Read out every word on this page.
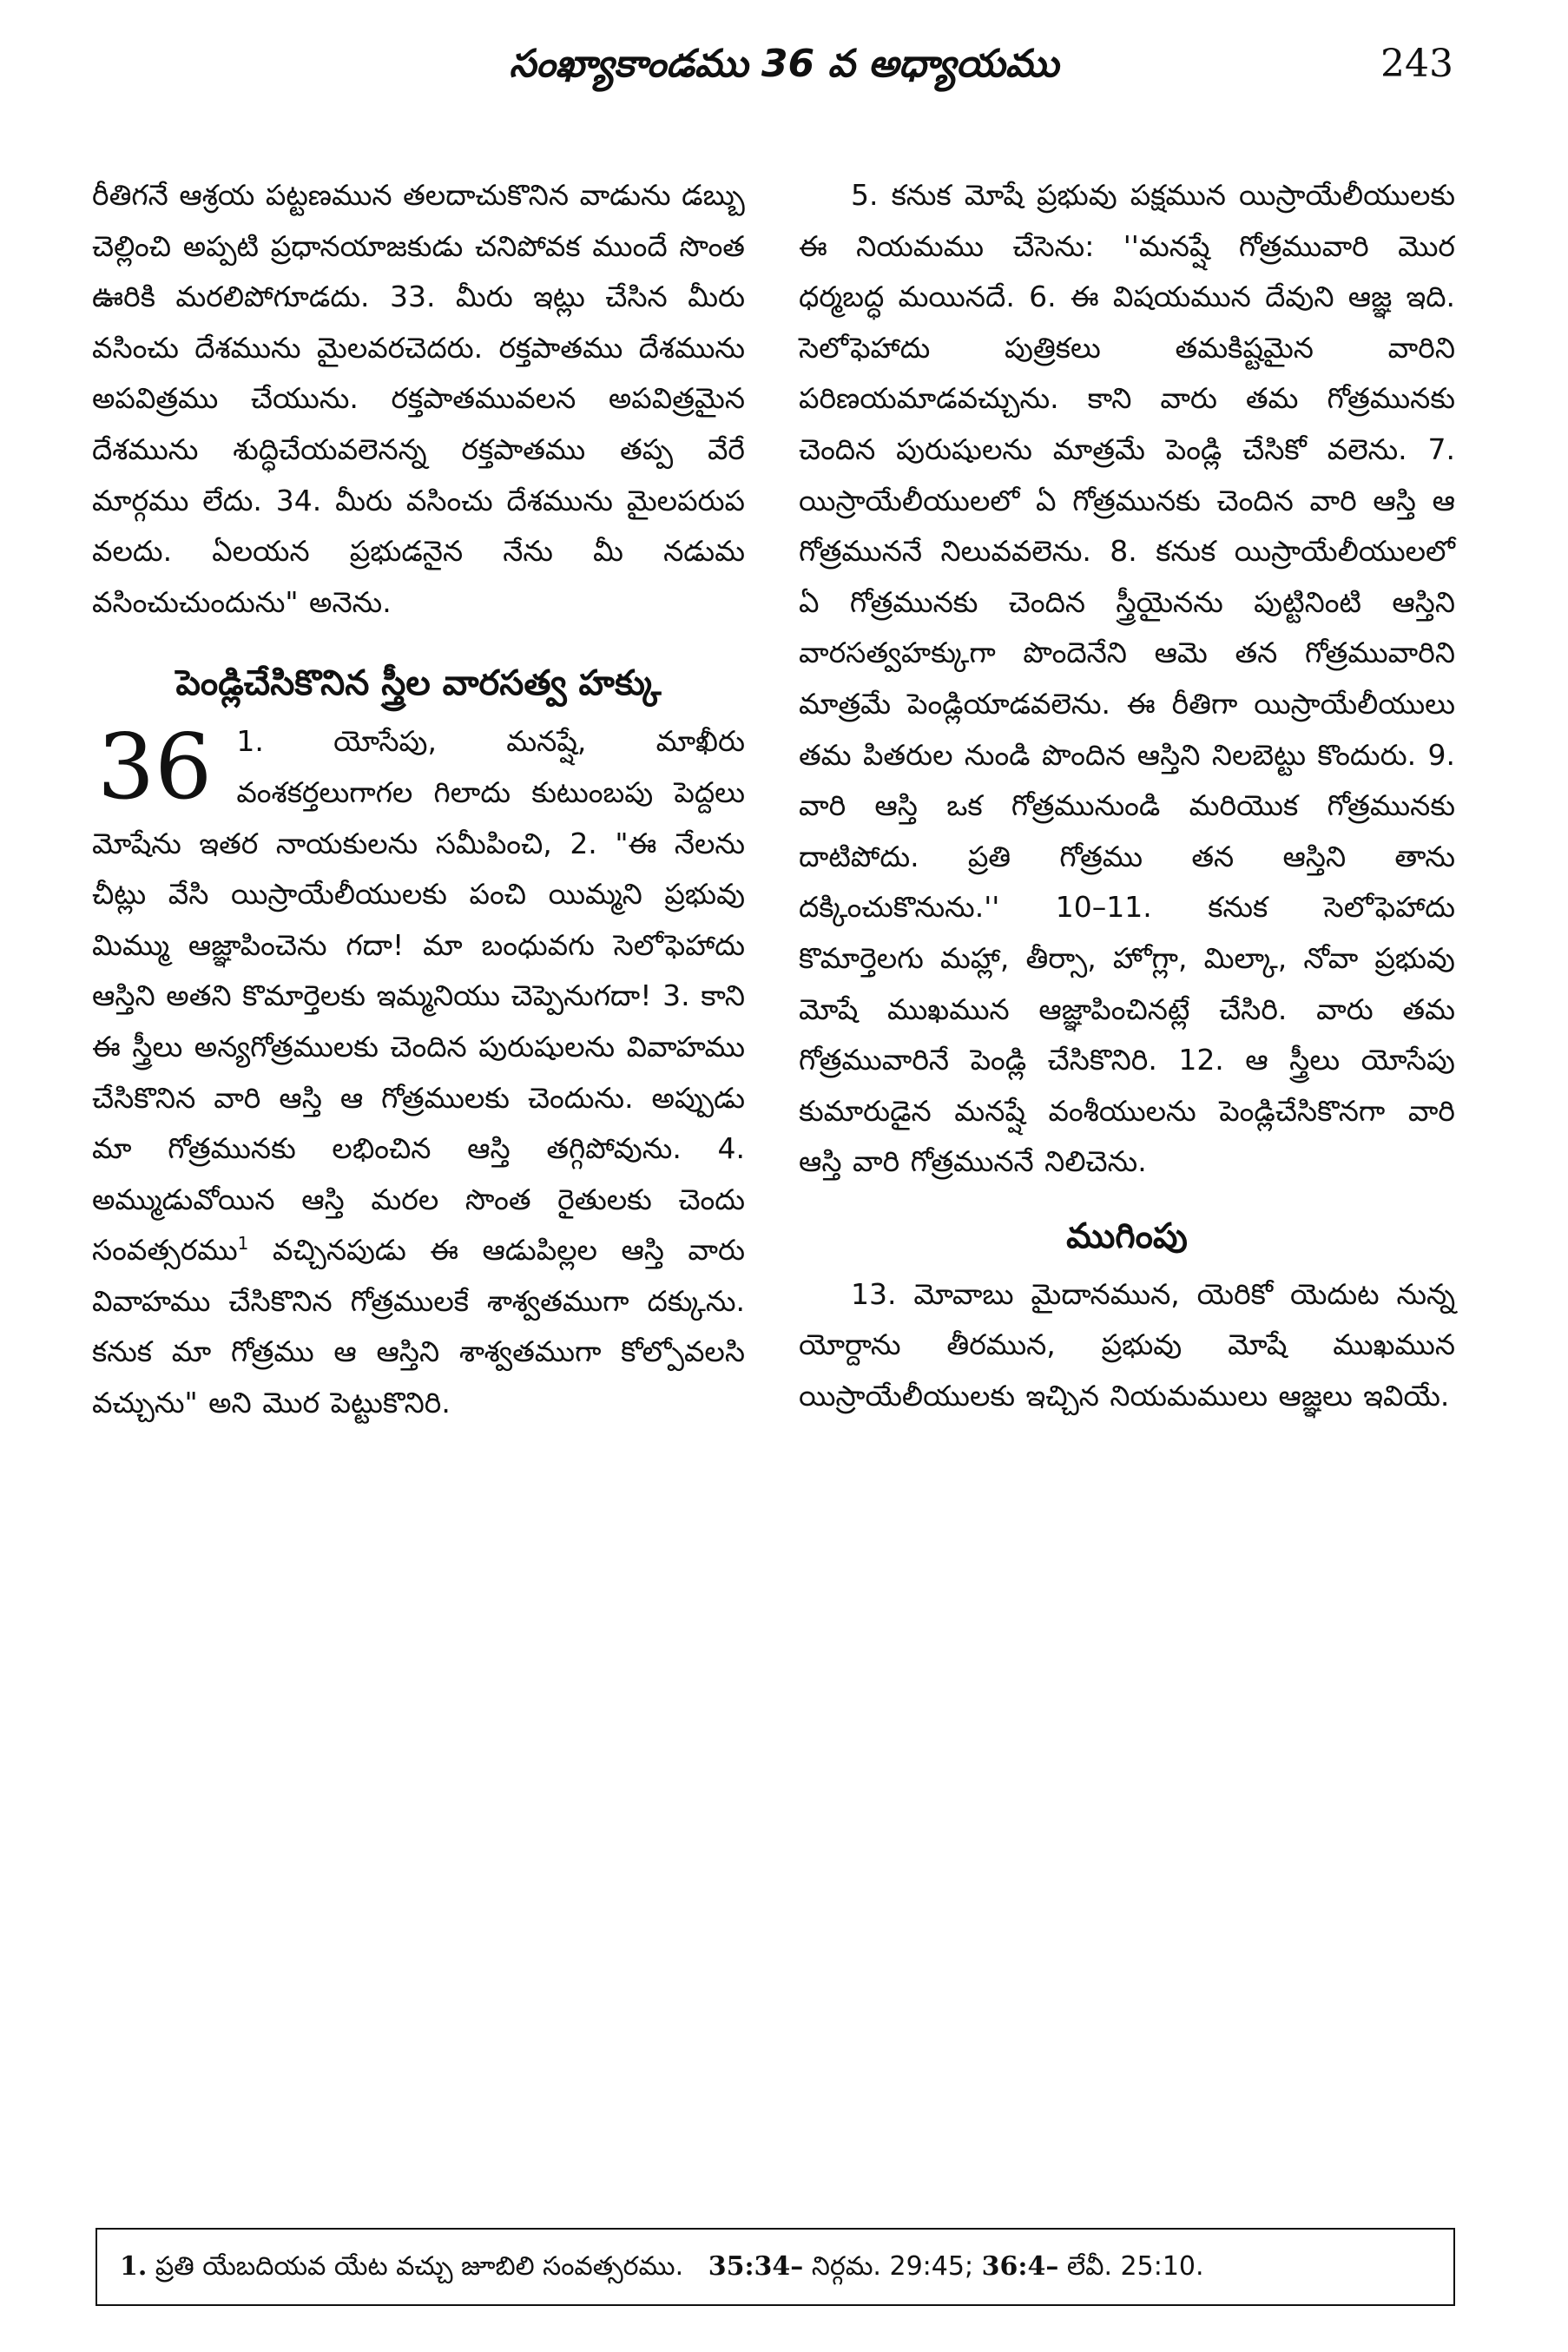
సంఖ్యాకాండము 36 వ అధ్యాయము	243

రీతిగనే ఆశ్రయ పట్టణమున తలదాచుకొనిన వాడును డబ్బు చెల్లించి అప్పటి ప్రధానయాజకుడు చనిపోవక ముందే సొంత ఊరికి మరలిపోగూడదు. 33. మీరు ఇట్లు చేసిన మీరు వసించు దేశమును మైలవరచెదరు. రక్తపాతము దేశమును అపవిత్రము చేయును. రక్తపాతమువలన అపవిత్రమైన దేశమును శుద్ధిచేయవలెనన్న రక్తపాతము తప్ప వేరే మార్గము లేదు. 34. మీరు వసించు దేశమును మైలపరుప వలదు. ఏలయన ప్రభుడనైన నేను మీ నడుమ వసించుచుందును" అనెను.

పెండ్లిచేసికొనిన స్త్రీల వారసత్వ హక్కు
36 1. యోసేపు, మనష్షే, మాఖీరు వంశకర్తలుగాగల గిలాదు కుటుంబపు పెద్దలు మోషేను ఇతర నాయకులను సమీపించి, 2. "ఈ నేలను చీట్లు వేసి యిస్రాయేలీయులకు పంచి యిమ్మని ప్రభువు మిమ్ము ఆజ్ఞాపించెను గదా! మా బంధువగు సెలోఫెహాదు ఆస్తిని అతని కొమార్తెలకు ఇమ్మనియు చెప్పెనుగదా! 3. కాని ఈ స్త్రీలు అన్యగోత్రములకు చెందిన పురుషులను వివాహము చేసికొనిన వారి ఆస్తి ఆ గోత్రములకు చెందును. అప్పుడు మా గోత్రమునకు లభించిన ఆస్తి తగ్గిపోవును. 4. అమ్ముడువోయిన ఆస్తి మరల సొంత రైతులకు చెందు సంవత్సరము$^1$ వచ్చినపుడు ఈ ఆడుపిల్లల ఆస్తి వారు వివాహము చేసికొనిన గోత్రములకే శాశ్వతముగా దక్కును. కనుక మా గోత్రము ఆ ఆస్తిని శాశ్వతముగా కోల్పోవలసి వచ్చును" అని మొర పెట్టుకొనిరి.

5. కనుక మోషే ప్రభువు పక్షమున యిస్రాయేలీయులకు ఈ నియమము చేసెను: ''మనష్షే గోత్రమువారి మొర ధర్మబద్ధ మయినదే. 6. ఈ విషయమున దేవుని ఆజ్ఞ ఇది. సెలోఫెహాదు పుత్రికలు తమకిష్టమైన వారిని పరిణయమాడవచ్చును. కాని వారు తమ గోత్రమునకు చెందిన పురుషులను మాత్రమే పెండ్లి చేసికో వలెను. 7. యిస్రాయేలీయులలో ఏ గోత్రమునకు చెందిన వారి ఆస్తి ఆ గోత్రముననే నిలువవలెను. 8. కనుక యిస్రాయేలీయులలో ఏ గోత్రమునకు చెందిన స్త్రీయైనను పుట్టినింటి ఆస్తిని వారసత్వహక్కుగా పొందెనేని ఆమె తన గోత్రమువారిని మాత్రమే పెండ్లియాడవలెను. ఈ రీతిగా యిస్రాయేలీయులు తమ పితరుల నుండి పొందిన ఆస్తిని నిలబెట్టు కొందురు. 9. వారి ఆస్తి ఒక గోత్రమునుండి మరియొక గోత్రమునకు దాటిపోదు. ప్రతి గోత్రము తన ఆస్తిని తాను దక్కించుకొనును.'' 10–11. కనుక సెలోఫెహాదు కొమార్తెలగు మహ్లా, తీర్సా, హోగ్లా, మిల్కా, నోవా ప్రభువు మోషే ముఖమున ఆజ్ఞాపించినట్లే చేసిరి. వారు తమ గోత్రమువారినే పెండ్లి చేసికొనిరి. 12. ఆ స్త్రీలు యోసేపు కుమారుడైన మనష్షే వంశీయులను పెండ్లిచేసికొనగా వారి ఆస్తి వారి గోత్రముననే నిలిచెను.

ముగింపు

13. మోవాబు మైదానమున, యెరికో యెదుట నున్న యోర్దాను తీరమున, ప్రభువు మోషే ముఖమున యిస్రాయేలీయులకు ఇచ్చిన నియమములు ఆజ్ఞలు ఇవియే.

1. ప్రతి యేబదియవ యేట వచ్చు జూబిలి సంవత్సరము. 35:34– నిర్గమ. 29:45; 36:4– లేవీ. 25:10.
